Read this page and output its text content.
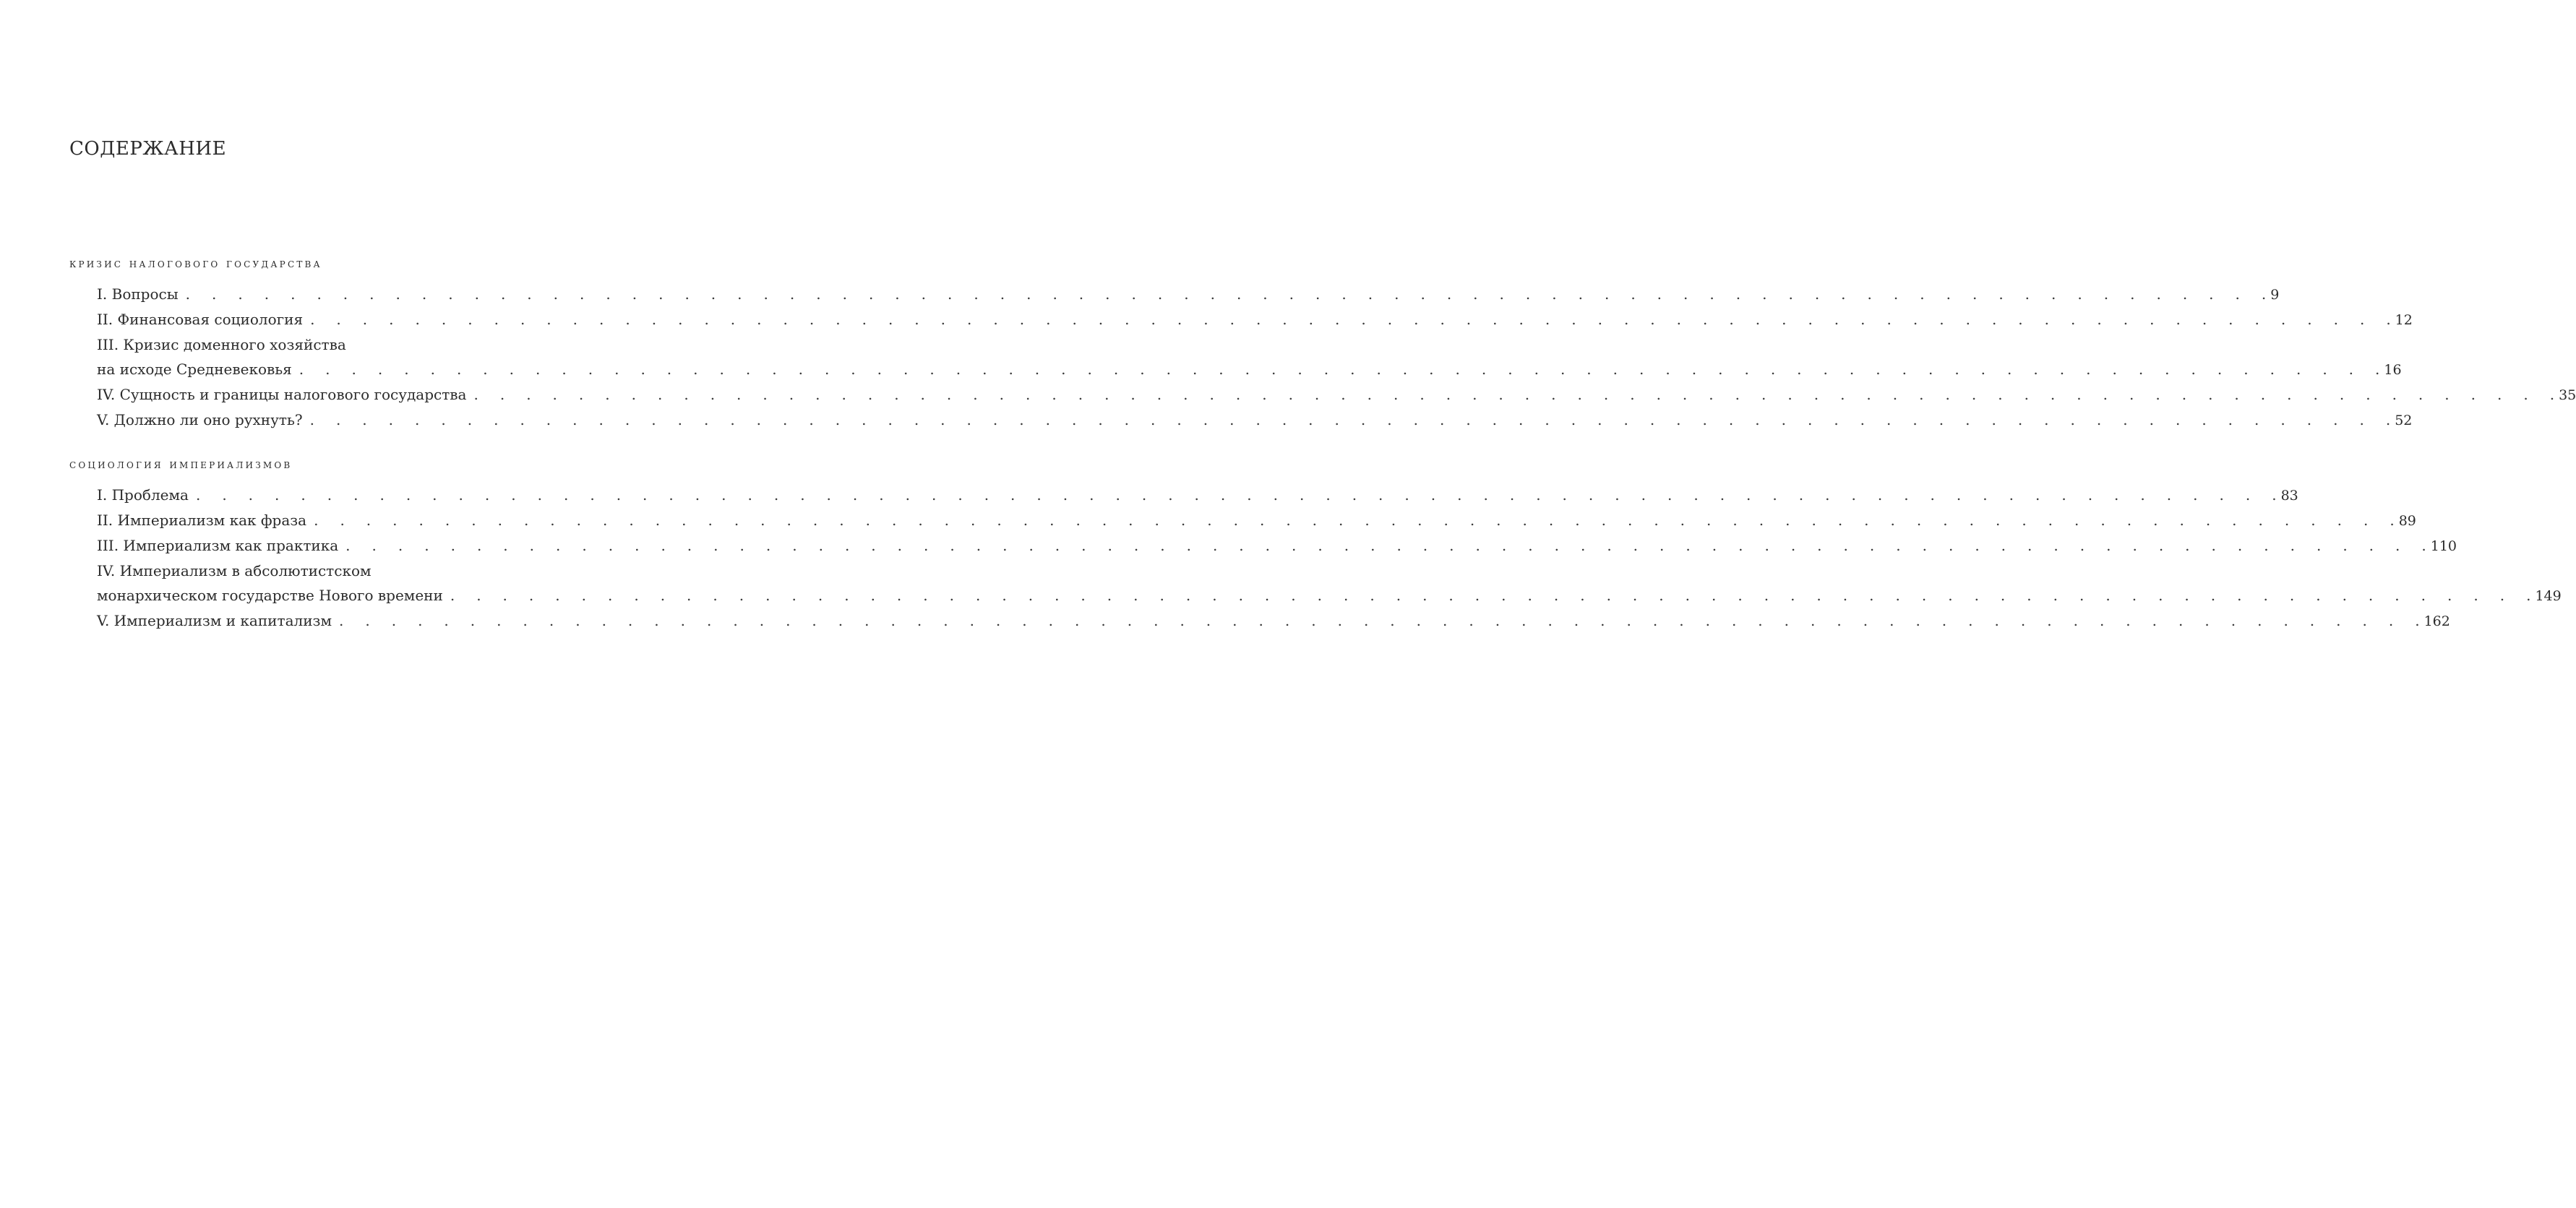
СОДЕРЖАНИЕ
кризис налогового государства
I. Вопросы .  .  .  .  .  .  .  .  .  .  .  .  .  .  .  .  .  .  .  .  .  .  .  .  .  .  .  .  .  .  .  .  .  .  .  .  .  .  .  .  .  .  .  .  .  .  .  .  .  .  .  .  .  .  .  .  .  .  .  .  .  .  .  .  .  .  .  .  .  .  .  .  .  .  .  .  .  .  .  . 9
II. Финансовая социология .  .  .  .  .  .  .  .  .  .  .  .  .  .  .  .  .  .  .  .  .  .  .  .  .  .  .  .  .  .  .  .  .  .  .  .  .  .  .  .  .  .  .  .  .  .  .  .  .  .  .  .  .  .  .  .  .  .  .  .  .  .  .  .  .  .  .  .  .  .  .  .  .  .  .  .  .  .  .  . 12
III. Кризис доменного хозяйства
на исходе Средневековья .  .  .  .  .  .  .  .  .  .  .  .  .  .  .  .  .  .  .  .  .  .  .  .  .  .  .  .  .  .  .  .  .  .  .  .  .  .  .  .  .  .  .  .  .  .  .  .  .  .  .  .  .  .  .  .  .  .  .  .  .  .  .  .  .  .  .  .  .  .  .  .  .  .  .  .  .  .  .  . 16
IV. Сущность и границы налогового государства .  .  .  .  .  .  .  .  .  .  .  .  .  .  .  .  .  .  .  .  .  .  .  .  .  .  .  .  .  .  .  .  .  .  .  .  .  .  .  .  .  .  .  .  .  .  .  .  .  .  .  .  .  .  .  .  .  .  .  .  .  .  .  .  .  .  .  .  .  .  .  .  .  .  .  .  .  .  .  . 35
V. Должно ли оно рухнуть? .  .  .  .  .  .  .  .  .  .  .  .  .  .  .  .  .  .  .  .  .  .  .  .  .  .  .  .  .  .  .  .  .  .  .  .  .  .  .  .  .  .  .  .  .  .  .  .  .  .  .  .  .  .  .  .  .  .  .  .  .  .  .  .  .  .  .  .  .  .  .  .  .  .  .  .  .  .  .  . 52
социология империализмов
I. Проблема .  .  .  .  .  .  .  .  .  .  .  .  .  .  .  .  .  .  .  .  .  .  .  .  .  .  .  .  .  .  .  .  .  .  .  .  .  .  .  .  .  .  .  .  .  .  .  .  .  .  .  .  .  .  .  .  .  .  .  .  .  .  .  .  .  .  .  .  .  .  .  .  .  .  .  .  .  .  .  . 83
II. Империализм как фраза .  .  .  .  .  .  .  .  .  .  .  .  .  .  .  .  .  .  .  .  .  .  .  .  .  .  .  .  .  .  .  .  .  .  .  .  .  .  .  .  .  .  .  .  .  .  .  .  .  .  .  .  .  .  .  .  .  .  .  .  .  .  .  .  .  .  .  .  .  .  .  .  .  .  .  .  .  .  .  . 89
III. Империализм как практика .  .  .  .  .  .  .  .  .  .  .  .  .  .  .  .  .  .  .  .  .  .  .  .  .  .  .  .  .  .  .  .  .  .  .  .  .  .  .  .  .  .  .  .  .  .  .  .  .  .  .  .  .  .  .  .  .  .  .  .  .  .  .  .  .  .  .  .  .  .  .  .  .  .  .  .  .  .  .  . 110
IV. Империализм в абсолютистском
монархическом государстве Нового времени .  .  .  .  .  .  .  .  .  .  .  .  .  .  .  .  .  .  .  .  .  .  .  .  .  .  .  .  .  .  .  .  .  .  .  .  .  .  .  .  .  .  .  .  .  .  .  .  .  .  .  .  .  .  .  .  .  .  .  .  .  .  .  .  .  .  .  .  .  .  .  .  .  .  .  .  .  .  .  . 149
V. Империализм и капитализм .  .  .  .  .  .  .  .  .  .  .  .  .  .  .  .  .  .  .  .  .  .  .  .  .  .  .  .  .  .  .  .  .  .  .  .  .  .  .  .  .  .  .  .  .  .  .  .  .  .  .  .  .  .  .  .  .  .  .  .  .  .  .  .  .  .  .  .  .  .  .  .  .  .  .  .  .  .  .  . 162
